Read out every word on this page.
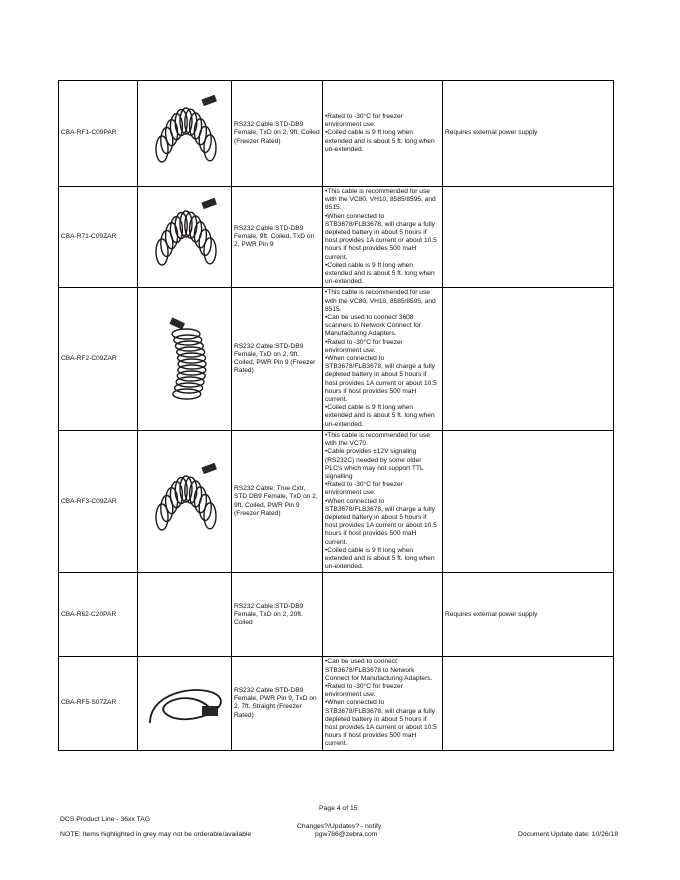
CBA-RF1-C09PAR		RS232 Cable:STD-DB9 Female, TxD on 2, 9ft. Coiled (Freezer Rated)	•Rated to -30°C for freezer environment use.
•Coiled cable is 9 ft long when extended and is about 5 ft. long when un-extended.	Requires external power supply
CBA-R71-C09ZAR		RS232 Cable:STD-DB9 Female, 9ft. Coiled, TxD on 2, PWR Pin 9	•This cable is recommended for use with the VC80, VH10, 8585/8595, and 8515.
•When connected to STB3678/FLB3678, will charge a fully depleted battery in about 5 hours if host provides 1A current or about 10.5 hours if host provides 500 maH current.
•Coiled cable is 9 ft long when extended and is about 5 ft. long when un-extended.	

CBA-RF2-C09ZAR		RS232 Cable:STD-DB9 Female, TxD on 2, 9ft. Coiled, PWR Pin 9 (Freezer Rated)	•This cable is recommended for use with the VC80, VH10, 8585/8595, and 8515.
•Can be used to connect 3608 scanners to Network Connect for Manufacturing Adapters.
•Rated to -30°C for freezer environment use.
•When connected to STB3678/FLB3678, will charge a fully depleted battery in about 5 hours if host provides 1A current or about 10.5 hours if host provides 500 maH current.
•Coiled cable is 9 ft long when extended and is about 5 ft. long when un-extended.	

CBA-RF3-C09ZAR		RS232 Cable: True Cxtr, STD DB9 Female, TxD on 2, 9ft. Coiled, PWR Pin 9 (Freezer Rated)	•This cable is recommended for use with the VC70.
•Cable provides ±12V signaling (RS232C) needed by some older PLC's which may not support TTL signalling
•Rated to -30°C for freezer environment use.
•When connected to STB3678/FLB3678, will charge a fully depleted battery in about 5 hours if host provides 1A current or about 10.5 hours if host provides 500 maH current.
•Coiled cable is 9 ft long when extended and is about 5 ft. long when un-extended.	

CBA-R62-C20PAR		RS232 Cable:STD-DB9 Female, TxD on 2, 20ft. Coiled		Requires external power supply
CBA-RF5-S07ZAR		RS232 Cable:STD-DB9 Female, PWR Pin 9, TxD on 2, 7ft. Straight (Freezer Rated)	•Can be used to connect STB3678/FLB3678 to Network Connect for Manufacturing Adapters.
•Rated to -30°C for freezer environment use.
•When connected to STB3678/FLB3678, will charge a fully depleted battery in about 5 hours if host provides 1A current or about 10.5 hours if host provides 500 maH current.	

Page 4 of 15
DCS Product Line - 36xx TAG
Changes?/Updates? - notify
NOTE: Items highlighted in grey may not be orderable/available	pgw786@zebra.com	Document Update date: 10/26/18
